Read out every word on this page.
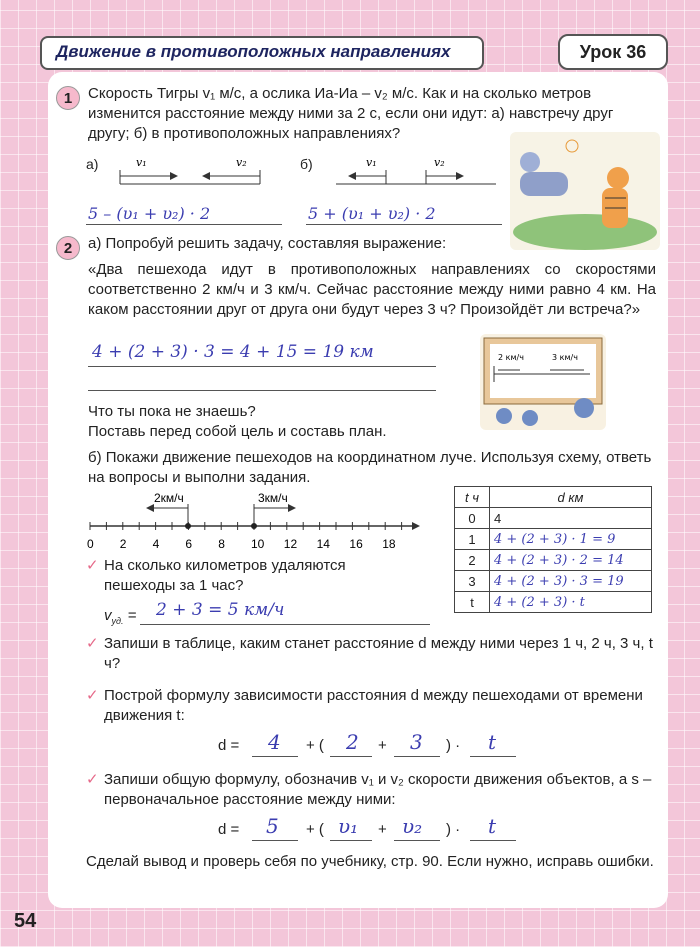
Движение в противоположных направлениях	Урок 36
1	Скорость Тигры v₁ м/с, а ослика Иа-Иа – v₂ м/с. Как и на сколько метров изменится расстояние между ними за 2 с, если они идут: а) навстречу друг другу; б) в противоположных направлениях?
а)	v₁	v₂	б)	v₁	v₂
5 – (υ₁ + υ₂) · 2	5 + (υ₁ + υ₂) · 2
2	а) Попробуй решить задачу, составляя выражение:
«Два пешехода идут в противоположных направлениях со скоростями соответственно 2 км/ч и 3 км/ч. Сейчас расстояние между ними равно 4 км. На каком расстоянии друг от друга они будут через 3 ч? Произойдёт ли встреча?»
4 + (2 + 3) · 3 = 4 + 15 = 19 км	2 км/ч	3 км/ч
Что ты пока не знаешь?
Поставь перед собой цель и составь план.
б) Покажи движение пешеходов на координатном луче. Используя схему, ответь на вопросы и выполни задания.
2км/ч	3км/ч
0 2 4 6 8 10 12 14 16 18
t ч	d км
0	4
1	4 + (2 + 3) · 1 = 9
2	4 + (2 + 3) · 2 = 14
3	4 + (2 + 3) · 3 = 19
t	4 + (2 + 3) · t
✓ На сколько километров удаляются пешеходы за 1 час?
$v_{уд.} = 2 + 3 = 5$ км/ч
✓ Запиши в таблице, каким станет расстояние d между ними через 1 ч, 2 ч, 3 ч, t ч?
✓ Построй формулу зависимости расстояния d между пешеходами от времени движения t:
d = 4 + ( 2 + 3 ) · t
✓ Запиши общую формулу, обозначив v₁ и v₂ скорости движения объектов, а s – первоначальное расстояние между ними:
d = 5 + ( υ₁ + υ₂ ) · t
Сделай вывод и проверь себя по учебнику, стр. 90. Если нужно, исправь ошибки.
54
